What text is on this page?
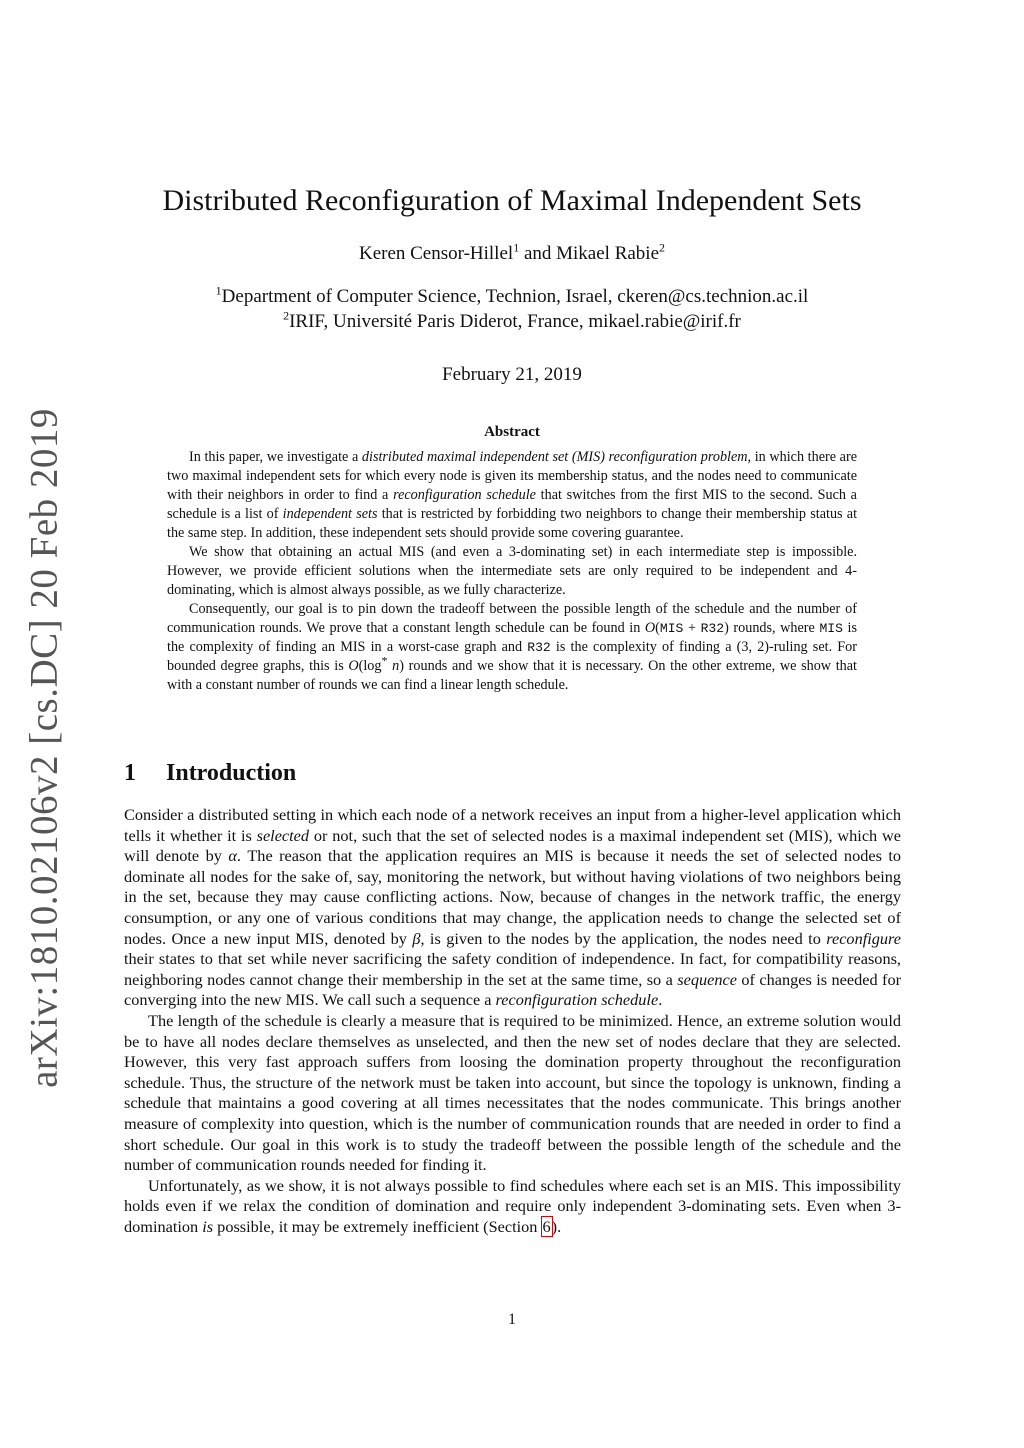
arXiv:1810.02106v2 [cs.DC] 20 Feb 2019
Distributed Reconfiguration of Maximal Independent Sets
Keren Censor-Hillel$^1$ and Mikael Rabie$^2$
$^1$Department of Computer Science, Technion, Israel, ckeren@cs.technion.ac.il
$^2$IRIF, Université Paris Diderot, France, mikael.rabie@irif.fr
February 21, 2019
Abstract

In this paper, we investigate a distributed maximal independent set (MIS) reconfiguration problem, in which there are two maximal independent sets for which every node is given its membership status, and the nodes need to communicate with their neighbors in order to find a reconfiguration schedule that switches from the first MIS to the second. Such a schedule is a list of independent sets that is restricted by forbidding two neighbors to change their membership status at the same step. In addition, these independent sets should provide some covering guarantee.

We show that obtaining an actual MIS (and even a 3-dominating set) in each intermediate step is impossible. However, we provide efficient solutions when the intermediate sets are only required to be independent and 4-dominating, which is almost always possible, as we fully characterize.

Consequently, our goal is to pin down the tradeoff between the possible length of the schedule and the number of communication rounds. We prove that a constant length schedule can be found in O(MIS + R32) rounds, where MIS is the complexity of finding an MIS in a worst-case graph and R32 is the complexity of finding a (3, 2)-ruling set. For bounded degree graphs, this is O(log* n) rounds and we show that it is necessary. On the other extreme, we show that with a constant number of rounds we can find a linear length schedule.

1 Introduction

Consider a distributed setting in which each node of a network receives an input from a higher-level application which tells it whether it is selected or not, such that the set of selected nodes is a maximal independent set (MIS), which we will denote by α. The reason that the application requires an MIS is because it needs the set of selected nodes to dominate all nodes for the sake of, say, monitoring the network, but without having violations of two neighbors being in the set, because they may cause conflicting actions. Now, because of changes in the network traffic, the energy consumption, or any one of various conditions that may change, the application needs to change the selected set of nodes. Once a new input MIS, denoted by β, is given to the nodes by the application, the nodes need to reconfigure their states to that set while never sacrificing the safety condition of independence. In fact, for compatibility reasons, neighboring nodes cannot change their membership in the set at the same time, so a sequence of changes is needed for converging into the new MIS. We call such a sequence a reconfiguration schedule.

The length of the schedule is clearly a measure that is required to be minimized. Hence, an extreme solution would be to have all nodes declare themselves as unselected, and then the new set of nodes declare that they are selected. However, this very fast approach suffers from loosing the domination property throughout the reconfiguration schedule. Thus, the structure of the network must be taken into account, but since the topology is unknown, finding a schedule that maintains a good covering at all times necessitates that the nodes communicate. This brings another measure of complexity into question, which is the number of communication rounds that are needed in order to find a short schedule. Our goal in this work is to study the tradeoff between the possible length of the schedule and the number of communication rounds needed for finding it.

Unfortunately, as we show, it is not always possible to find schedules where each set is an MIS. This impossibility holds even if we relax the condition of domination and require only independent 3-dominating sets. Even when 3-domination is possible, it may be extremely inefficient (Section 6).

1
